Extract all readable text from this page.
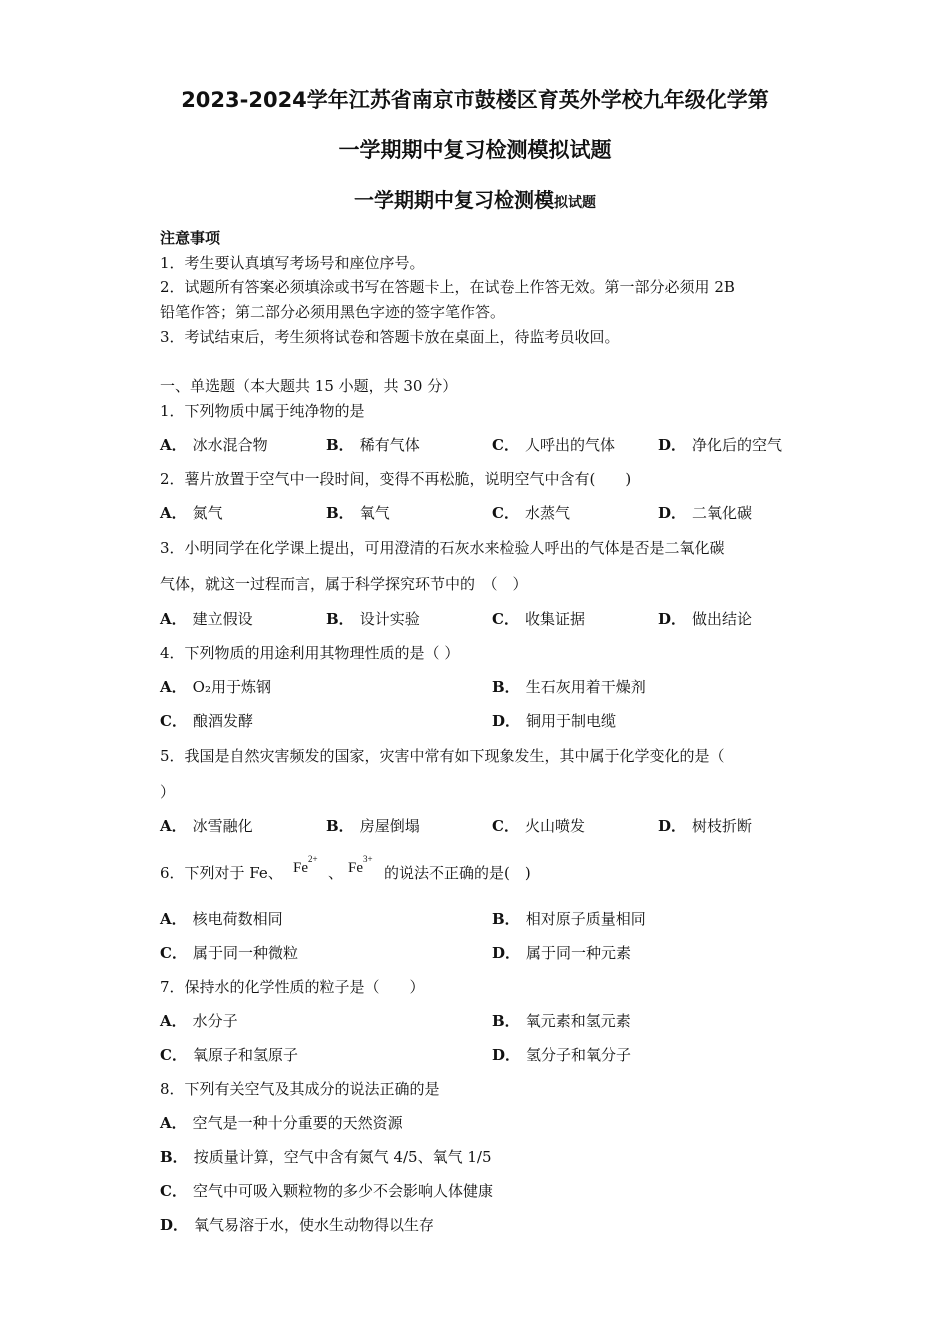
2023-2024学年江苏省南京市鼓楼区育英外学校九年级化学第
一学期期中复习检测模拟试题
一学期期中复习检测模拟试题
注意事项
1．考生要认真填写考场号和座位序号。
2．试题所有答案必须填涂或书写在答题卡上，在试卷上作答无效。第一部分必须用 2B
铅笔作答；第二部分必须用黑色字迹的签字笔作答。
3．考试结束后，考生须将试卷和答题卡放在桌面上，待监考员收回。
一、单选题（本大题共 15 小题，共 30 分）
1．下列物质中属于纯净物的是
A． 冰水混合物	B． 稀有气体	C． 人呼出的气体	D． 净化后的空气
2．薯片放置于空气中一段时间，变得不再松脆，说明空气中含有(　　)
A． 氮气	B． 氧气	C． 水蒸气	D． 二氧化碳
3．小明同学在化学课上提出，可用澄清的石灰水来检验人呼出的气体是否是二氧化碳
气体，就这一过程而言，属于科学探究环节中的　（　）
A． 建立假设	B． 设计实验	C． 收集证据	D． 做出结论
4．下列物质的用途利用其物理性质的是（ ）
A． O₂用于炼钢	B． 生石灰用着干燥剂
C． 酿酒发酵	D． 铜用于制电缆
5．我国是自然灾害频发的国家，灾害中常有如下现象发生，其中属于化学变化的是（
）
A． 冰雪融化	B． 房屋倒塌	C． 火山喷发	D． 树枝折断
6．下列对于 Fe、 $Fe^{2+}$
、 $Fe^{3+}$
的说法不正确的是(　)
A． 核电荷数相同	B． 相对原子质量相同
C． 属于同一种微粒	D． 属于同一种元素
7．保持水的化学性质的粒子是（　　）
A． 水分子	B． 氧元素和氢元素
C． 氧原子和氢原子	D． 氢分子和氧分子
8．下列有关空气及其成分的说法正确的是
A． 空气是一种十分重要的天然资源
B． 按质量计算，空气中含有氮气 4/5、氧气 1/5
C． 空气中可吸入颗粒物的多少不会影响人体健康
D． 氧气易溶于水，使水生动物得以生存
